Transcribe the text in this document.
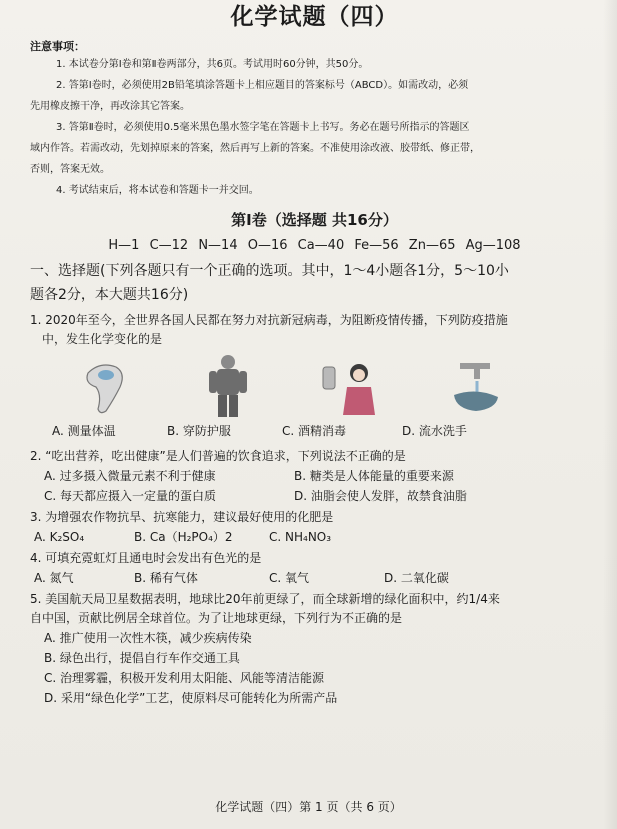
化学试题（四）
注意事项：

1. 本试卷分第Ⅰ卷和第Ⅱ卷两部分，共6页。考试用时60分钟，共50分。

2. 答第Ⅰ卷时，必须使用2B铅笔填涂答题卡上相应题目的答案标号（ABCD）。如需改动，必须

先用橡皮擦干净，再改涂其它答案。

3. 答第Ⅱ卷时，必须使用0.5毫米黑色墨水签字笔在答题卡上书写。务必在题号所指示的答题区

域内作答。若需改动，先划掉原来的答案，然后再写上新的答案。不准使用涂改液、胶带纸、修正带，

否则，答案无效。

4. 考试结束后，将本试卷和答题卡一并交回。

第Ⅰ卷（选择题 共16分）
H—1 C—12 N—14 O—16 Ca—40 Fe—56 Zn—65 Ag—108

一、选择题(下列各题只有一个正确的选项。其中，1～4小题各1分，5～10小

题各2分，本大题共16分)

1. 2020年至今，全世界各国人民都在努力对抗新冠病毒，为阻断疫情传播，下列防疫措施

中，发生化学变化的是

A. 测量体温	B. 穿防护服	C. 酒精消毒	D. 流水洗手

2. “吃出营养，吃出健康”是人们普遍的饮食追求，下列说法不正确的是

A. 过多摄入微量元素不利于健康	B. 糖类是人体能量的重要来源
C. 每天都应摄入一定量的蛋白质	D. 油脂会使人发胖，故禁食油脂

3. 为增强农作物抗旱、抗寒能力，建议最好使用的化肥是

A. K₂SO₄	B. Ca（H₂PO₄）2	C. NH₄NO₃

4. 可填充霓虹灯且通电时会发出有色光的是

A. 氮气	B. 稀有气体	C. 氧气	D. 二氧化碳

5. 美国航天局卫星数据表明，地球比20年前更绿了，而全球新增的绿化面积中，约1/4来

自中国，贡献比例居全球首位。为了让地球更绿，下列行为不正确的是

A. 推广使用一次性木筷，减少疾病传染
B. 绿色出行，提倡自行车作交通工具
C. 治理雾霾，积极开发利用太阳能、风能等清洁能源
D. 采用“绿色化学”工艺，使原料尽可能转化为所需产品
化学试题（四）第 1 页（共 6 页）
